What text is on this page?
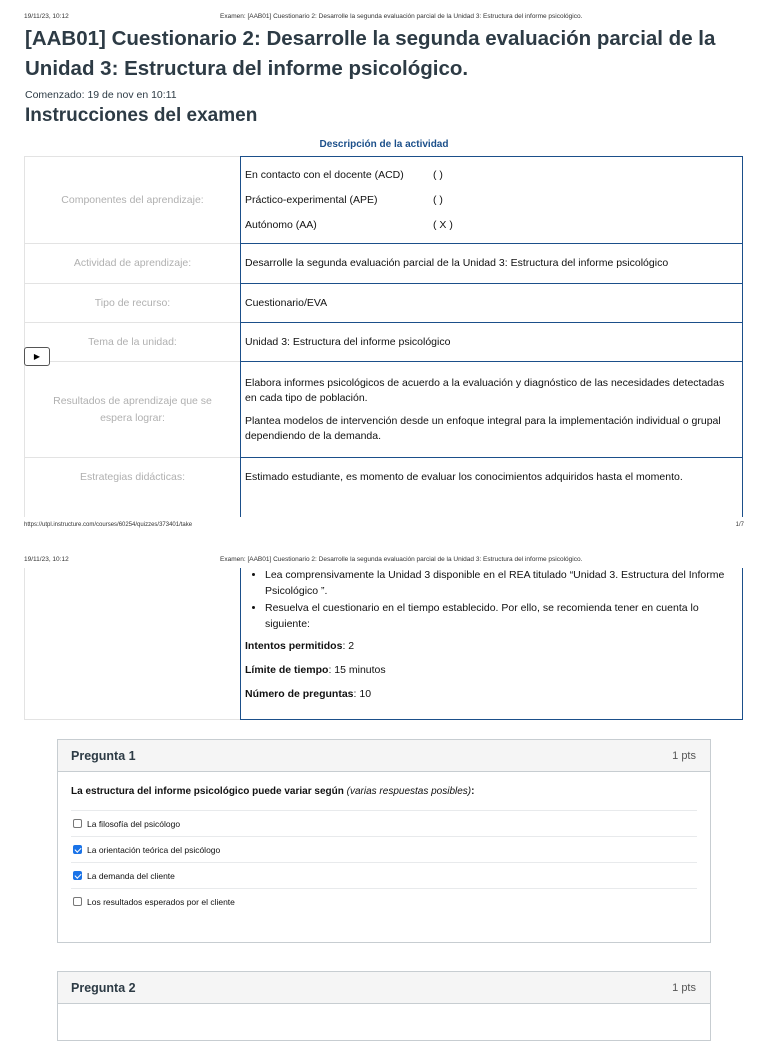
19/11/23, 10:12	Examen: [AAB01] Cuestionario 2: Desarrolle la segunda evaluación parcial de la Unidad 3: Estructura del informe psicológico.
[AAB01] Cuestionario 2: Desarrolle la segunda evaluación parcial de la Unidad 3: Estructura del informe psicológico.
Comenzado: 19 de nov en 10:11
Instrucciones del examen
Descripción de la actividad
Componentes del aprendizaje:
En contacto con el docente (ACD)	( )
Práctico-experimental (APE)	( )
Autónomo (AA)	( X )
Actividad de aprendizaje:	Desarrolle la segunda evaluación parcial de la Unidad 3: Estructura del informe psicológico
Tipo de recurso:	Cuestionario/EVA
Tema de la unidad:	Unidad 3: Estructura del informe psicológico
Resultados de aprendizaje que se espera lograr:
Elabora informes psicológicos de acuerdo a la evaluación y diagnóstico de las necesidades detectadas en cada tipo de población.
Plantea modelos de intervención desde un enfoque integral para la implementación individual o grupal dependiendo de la demanda.
Estrategias didácticas:	Estimado estudiante, es momento de evaluar los conocimientos adquiridos hasta el momento.
▶
https://utpl.instructure.com/courses/60254/quizzes/373401/take	1/7
19/11/23, 10:12	Examen: [AAB01] Cuestionario 2: Desarrolle la segunda evaluación parcial de la Unidad 3: Estructura del informe psicológico.
• Lea comprensivamente la Unidad 3 disponible en el REA titulado “Unidad 3. Estructura del Informe Psicológico ”.
• Resuelva el cuestionario en el tiempo establecido. Por ello, se recomienda tener en cuenta lo siguiente:
Intentos permitidos: 2
Límite de tiempo: 15 minutos
Número de preguntas: 10
Pregunta 1	1 pts
La estructura del informe psicológico puede variar según (varias respuestas posibles):
La filosofía del psicólogo
La orientación teórica del psicólogo
La demanda del cliente
Los resultados esperados por el cliente
Pregunta 2	1 pts
